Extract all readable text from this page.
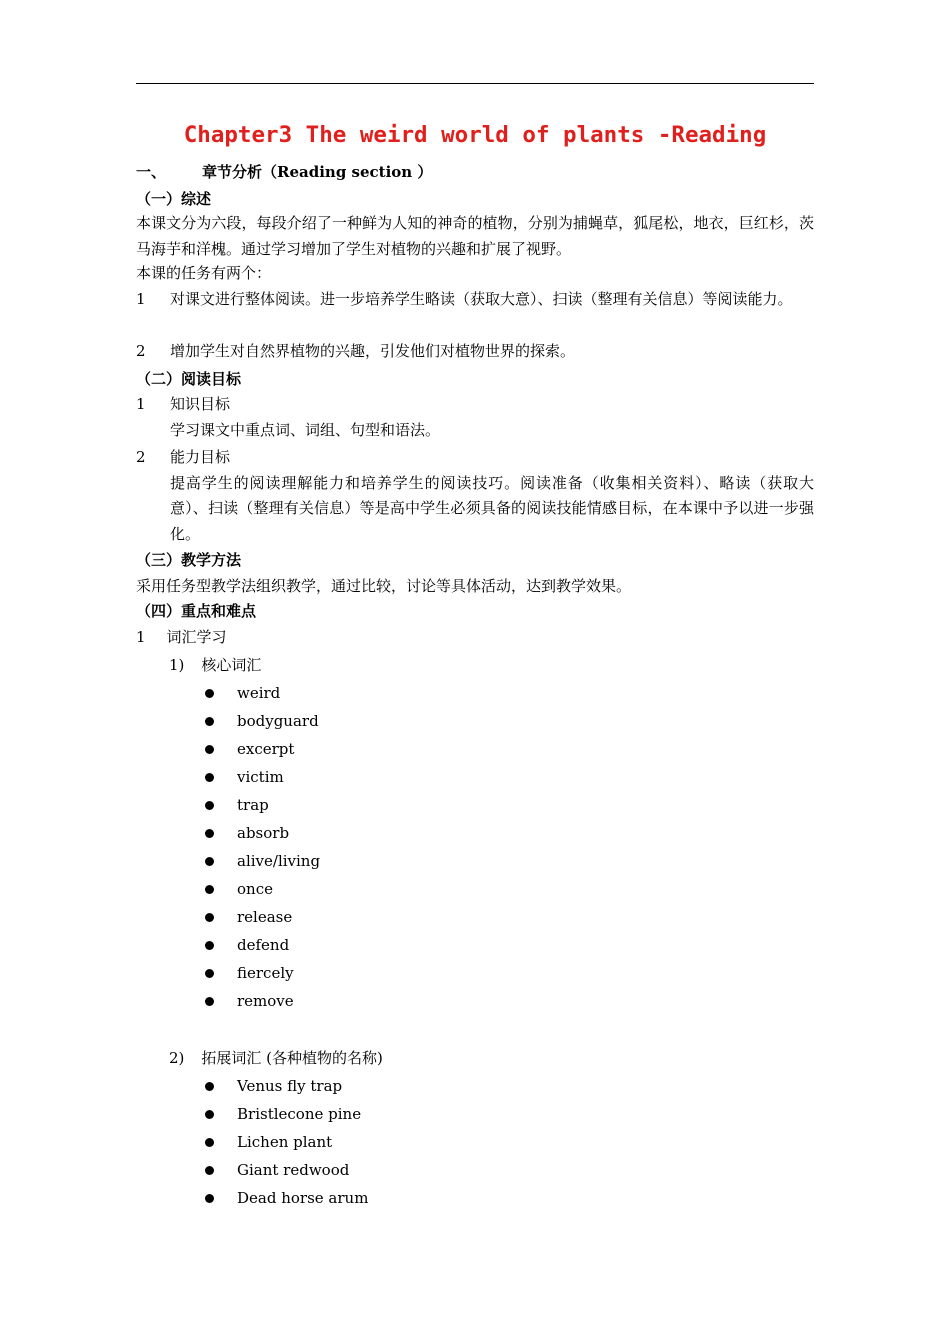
Chapter3 The weird world of plants -Reading
一、 章节分析（Reading section ）
（一）综述
本课文分为六段，每段介绍了一种鲜为人知的神奇的植物，分别为捕蝇草，狐尾松，地衣，巨红杉，茨马海芋和洋槐。通过学习增加了学生对植物的兴趣和扩展了视野。
本课的任务有两个：
1 对课文进行整体阅读。进一步培养学生略读（获取大意）、扫读（整理有关信息）等阅读能力。
2 增加学生对自然界植物的兴趣，引发他们对植物世界的探索。
（二）阅读目标
1 知识目标
学习课文中重点词、词组、句型和语法。
2 能力目标
提高学生的阅读理解能力和培养学生的阅读技巧。阅读准备（收集相关资料）、略读（获取大意）、扫读（整理有关信息）等是高中学生必须具备的阅读技能情感目标，在本课中予以进一步强化。
（三）教学方法
采用任务型教学法组织教学，通过比较，讨论等具体活动，达到教学效果。
（四）重点和难点
1 词汇学习
1) 核心词汇
weird
bodyguard
excerpt
victim
trap
absorb
alive/living
once
release
defend
fiercely
remove
2) 拓展词汇 (各种植物的名称)
Venus fly trap
Bristlecone pine
Lichen plant
Giant redwood
Dead horse arum
